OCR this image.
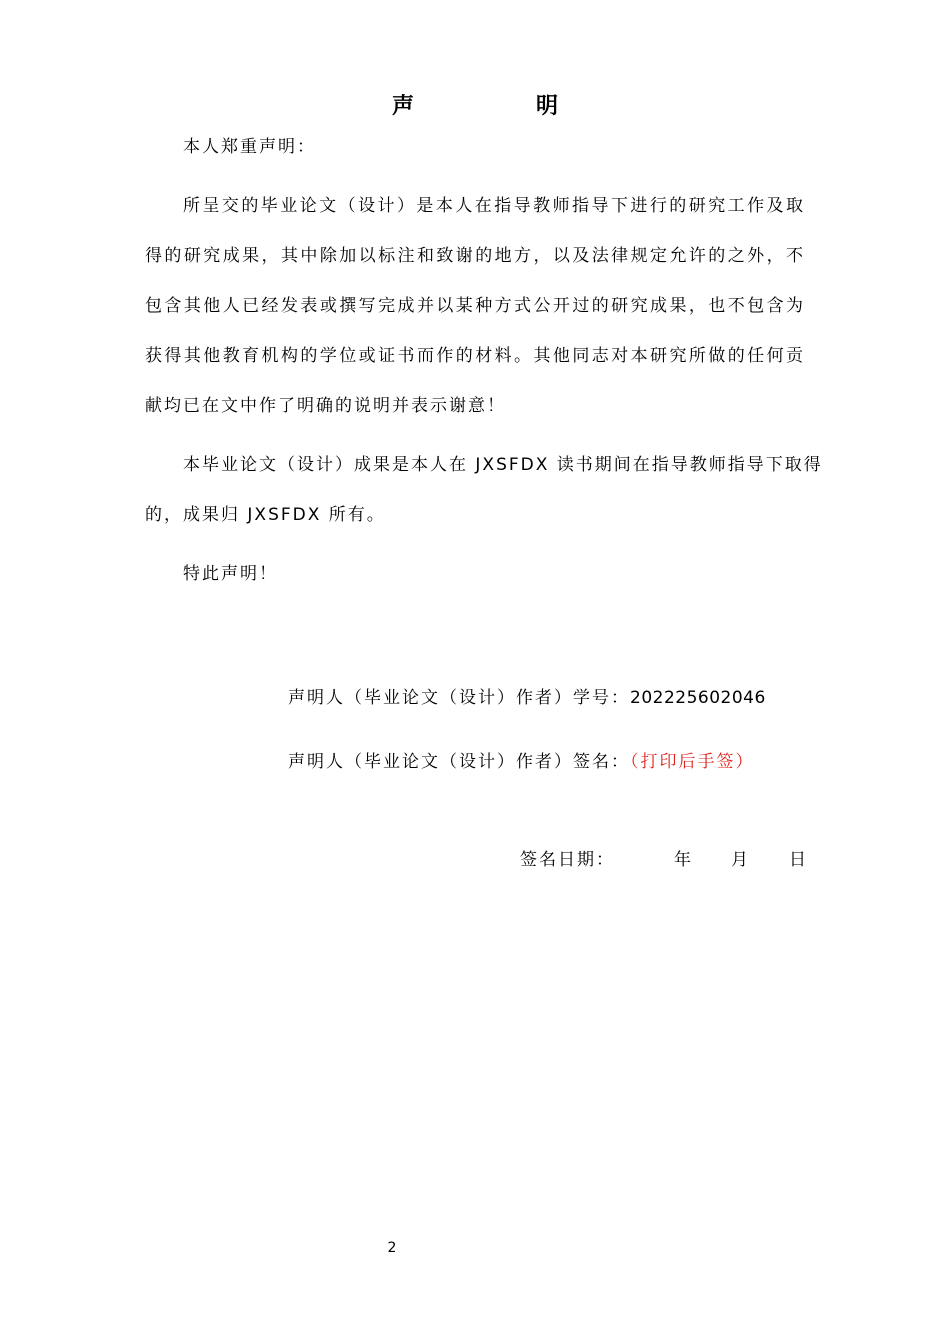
声　明
本人郑重声明：
所呈交的毕业论文（设计）是本人在指导教师指导下进行的研究工作及取
得的研究成果，其中除加以标注和致谢的地方，以及法律规定允许的之外，不
包含其他人已经发表或撰写完成并以某种方式公开过的研究成果，也不包含为
获得其他教育机构的学位或证书而作的材料。其他同志对本研究所做的任何贡
献均已在文中作了明确的说明并表示谢意！
本毕业论文（设计）成果是本人在 JXSFDX 读书期间在指导教师指导下取得
的，成果归 JXSFDX 所有。
特此声明！
声明人（毕业论文（设计）作者）学号：202225602046
声明人（毕业论文（设计）作者）签名：（打印后手签）
签名日期：	年 月 日
2
